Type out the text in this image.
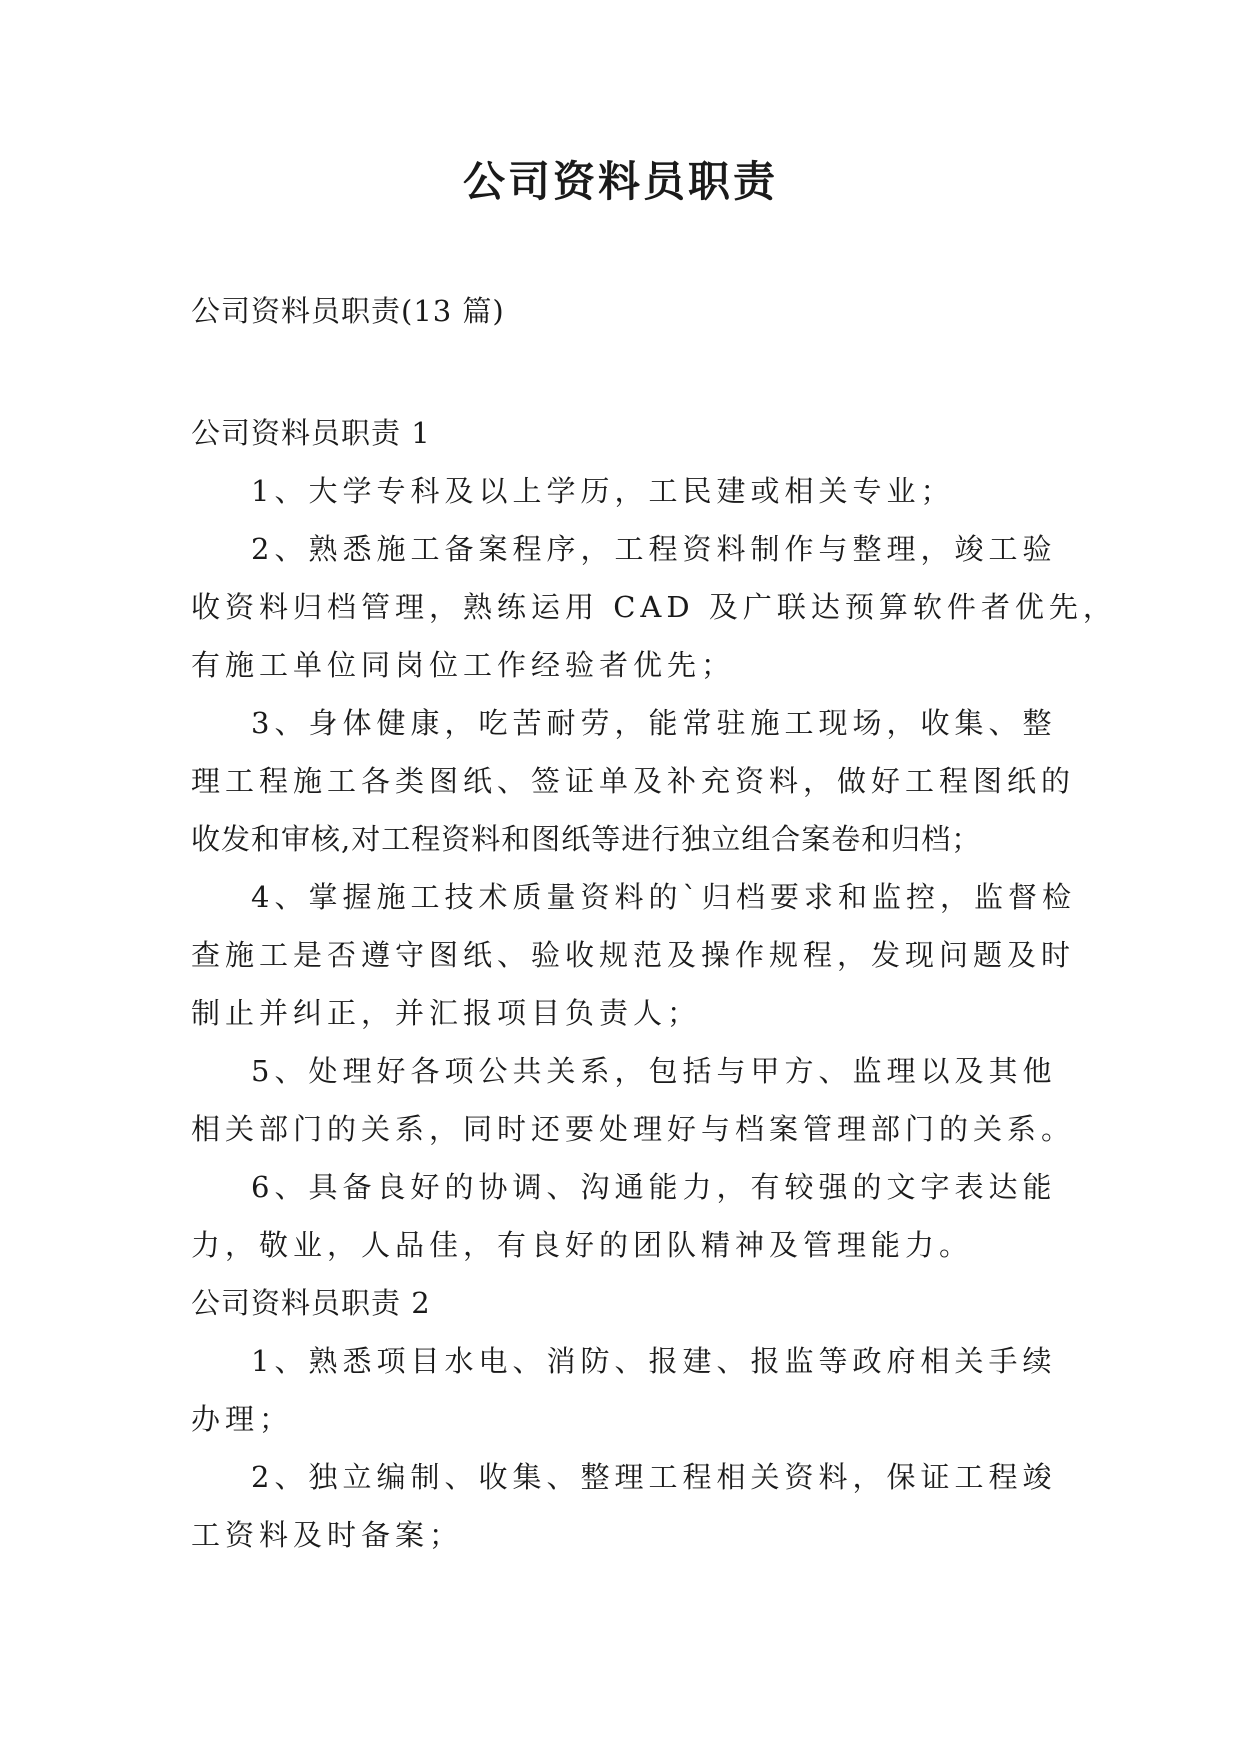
公司资料员职责
公司资料员职责(13 篇)
公司资料员职责 1
1、大学专科及以上学历，工民建或相关专业；
2、熟悉施工备案程序，工程资料制作与整理，竣工验
收资料归档管理，熟练运用 CAD 及广联达预算软件者优先，
有施工单位同岗位工作经验者优先；
3、身体健康，吃苦耐劳，能常驻施工现场，收集、整
理工程施工各类图纸、签证单及补充资料，做好工程图纸的
收发和审核,对工程资料和图纸等进行独立组合案卷和归档；
4、掌握施工技术质量资料的`归档要求和监控，监督检
查施工是否遵守图纸、验收规范及操作规程，发现问题及时
制止并纠正，并汇报项目负责人；
5、处理好各项公共关系，包括与甲方、监理以及其他
相关部门的关系，同时还要处理好与档案管理部门的关系。
6、具备良好的协调、沟通能力，有较强的文字表达能
力，敬业，人品佳，有良好的团队精神及管理能力。
公司资料员职责 2
1、熟悉项目水电、消防、报建、报监等政府相关手续
办理；
2、独立编制、收集、整理工程相关资料，保证工程竣
工资料及时备案；
